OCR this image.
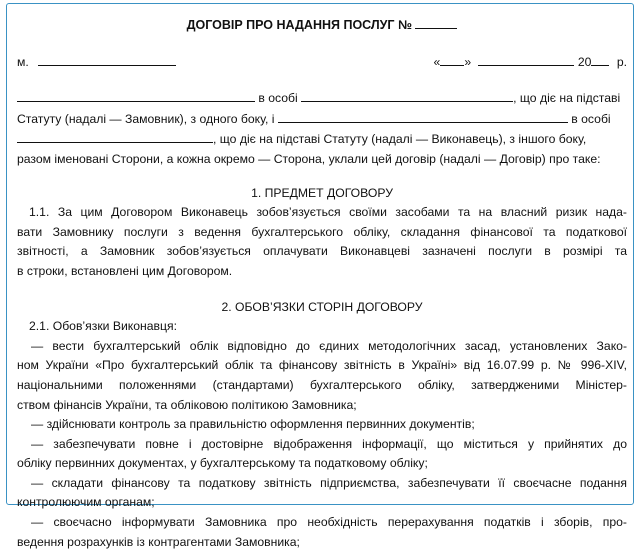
ДОГОВІР ПРО НАДАННЯ ПОСЛУГ №
м.	« »	20 р.
в особі	, що діє на підставі
Статуту (надалі — Замовник), з одного боку, і	в особі
, що діє на підставі Статуту (надалі — Виконавець), з іншого боку,
разом іменовані Сторони, а кожна окремо — Сторона, уклали цей договір (надалі — Договір) про таке:
1. ПРЕДМЕТ ДОГОВОРУ
1.1. За цим Договором Виконавець зобов’язується своїми засобами та на власний ризик нада-
вати Замовнику послуги з ведення бухгалтерського обліку, складання фінансової та податкової
звітності, а Замовник зобов’язується оплачувати Виконавцеві зазначені послуги в розмірі та
в строки, встановлені цим Договором.
2. ОБОВ’ЯЗКИ СТОРІН ДОГОВОРУ
2.1. Обов’язки Виконавця:
— вести бухгалтерський облік відповідно до єдиних методологічних засад, установлених Зако-
ном України «Про бухгалтерський облік та фінансову звітність в Україні» від 16.07.99 р. № 996-XIV,
національними положеннями (стандартами) бухгалтерського обліку, затвердженими Міністер-
ством фінансів України, та обліковою політикою Замовника;
— здійснювати контроль за правильністю оформлення первинних документів;
— забезпечувати повне і достовірне відображення інформації, що міститься у прийнятих до
обліку первинних документах, у бухгалтерському та податковому обліку;
— складати фінансову та податкову звітність підприємства, забезпечувати її своєчасне подання
контролюючим органам;
— своєчасно інформувати Замовника про необхідність перерахування податків і зборів, про-
ведення розрахунків із контрагентами Замовника;
